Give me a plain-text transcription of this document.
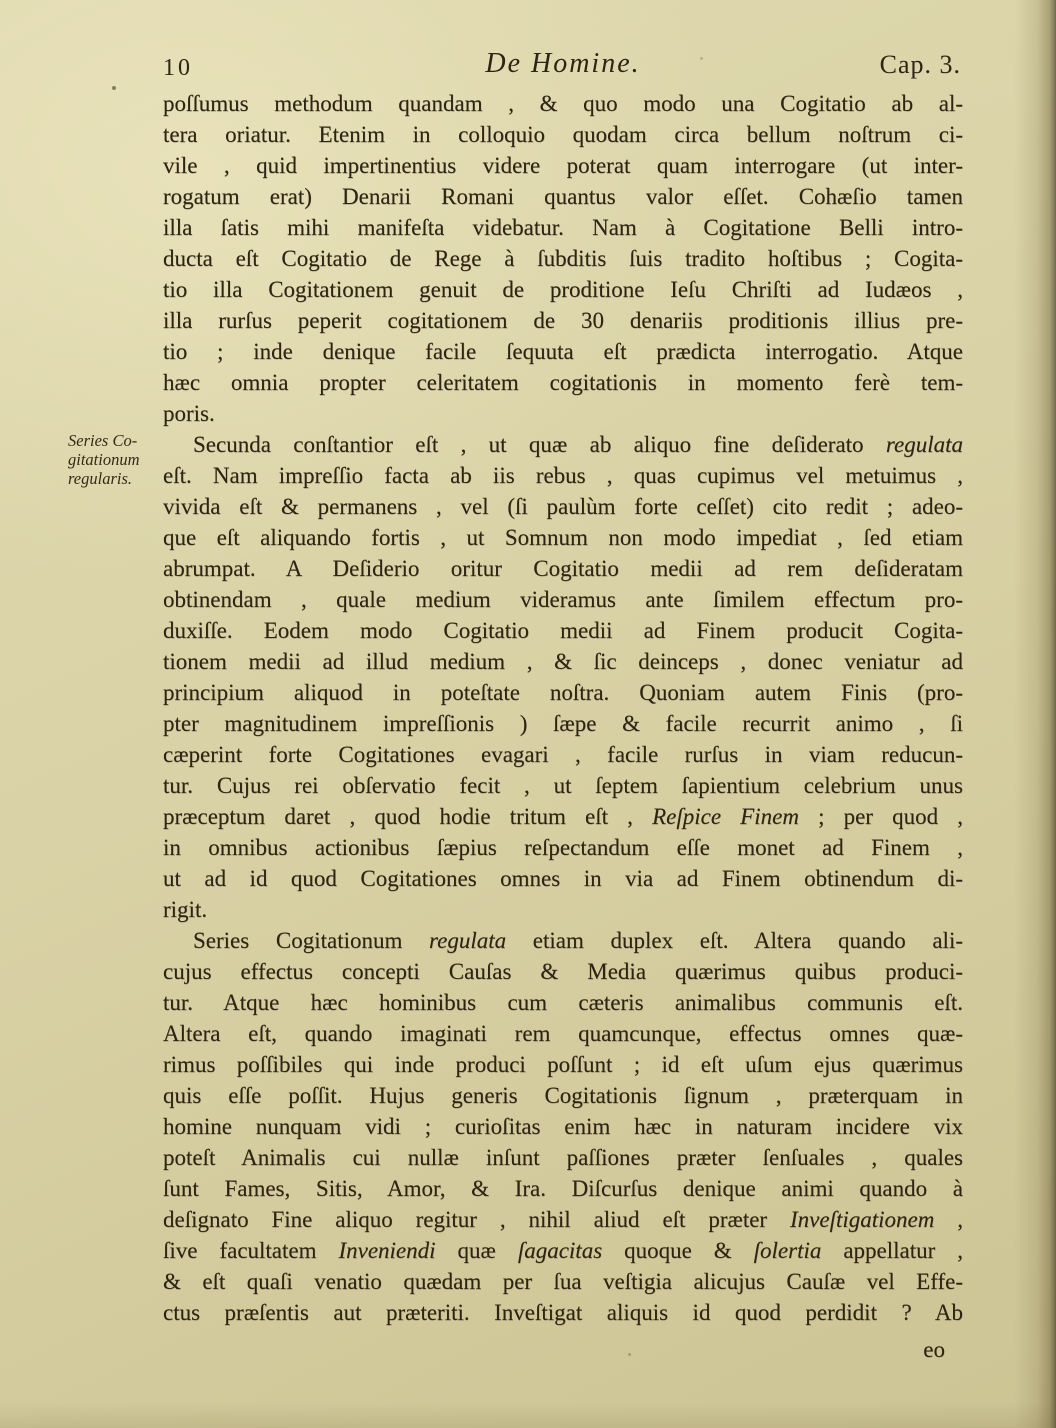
10	De Homine.	Cap. 3.
Series Co-
gitationum
regularis.
poſſumus methodum quandam , & quo modo una Cogitatio ab al-
tera oriatur. Etenim in colloquio quodam circa bellum noſtrum ci-
vile , quid impertinentius videre poterat quam interrogare (ut inter-
rogatum erat) Denarii Romani quantus valor eſſet. Cohæſio tamen
illa ſatis mihi manifeſta videbatur. Nam à Cogitatione Belli intro-
ducta eſt Cogitatio de Rege à ſubditis ſuis tradito hoſtibus ; Cogita-
tio illa Cogitationem genuit de proditione Ieſu Chriſti ad Iudæos ,
illa rurſus peperit cogitationem de 30 denariis proditionis illius pre-
tio ; inde denique facile ſequuta eſt prædicta interrogatio. Atque
hæc omnia propter celeritatem cogitationis in momento ferè tem-
poris.
Secunda conſtantior eſt , ut quæ ab aliquo fine deſiderato regulata
eſt. Nam impreſſio facta ab iis rebus , quas cupimus vel metuimus ,
vivida eſt & permanens , vel (ſi paulùm forte ceſſet) cito redit ; adeo-
que eſt aliquando fortis , ut Somnum non modo impediat , ſed etiam
abrumpat. A Deſiderio oritur Cogitatio medii ad rem deſideratam
obtinendam , quale medium videramus ante ſimilem effectum pro-
duxiſſe. Eodem modo Cogitatio medii ad Finem producit Cogita-
tionem medii ad illud medium , & ſic deinceps , donec veniatur ad
principium aliquod in poteſtate noſtra. Quoniam autem Finis (pro-
pter magnitudinem impreſſionis ) ſæpe & facile recurrit animo , ſi
cæperint forte Cogitationes evagari , facile rurſus in viam reducun-
tur. Cujus rei obſervatio fecit , ut ſeptem ſapientium celebrium unus
præceptum daret , quod hodie tritum eſt , Reſpice Finem ; per quod ,
in omnibus actionibus ſæpius reſpectandum eſſe monet ad Finem ,
ut ad id quod Cogitationes omnes in via ad Finem obtinendum di-
rigit.
Series Cogitationum regulata etiam duplex eſt. Altera quando ali-
cujus effectus concepti Cauſas & Media quærimus quibus produci-
tur. Atque hæc hominibus cum cæteris animalibus communis eſt.
Altera eſt, quando imaginati rem quamcunque, effectus omnes quæ-
rimus poſſibiles qui inde produci poſſunt ; id eſt uſum ejus quærimus
quis eſſe poſſit. Hujus generis Cogitationis ſignum , præterquam in
homine nunquam vidi ; curioſitas enim hæc in naturam incidere vix
poteſt Animalis cui nullæ inſunt paſſiones præter ſenſuales , quales
ſunt Fames, Sitis, Amor, & Ira. Diſcurſus denique animi quando à
deſignato Fine aliquo regitur , nihil aliud eſt præter Inveſtigationem ,
ſive facultatem Inveniendi quæ ſagacitas quoque & ſolertia appellatur ,
& eſt quaſi venatio quædam per ſua veſtigia alicujus Cauſæ vel Effe-
ctus præſentis aut præteriti. Inveſtigat aliquis id quod perdidit ? Ab
eo
